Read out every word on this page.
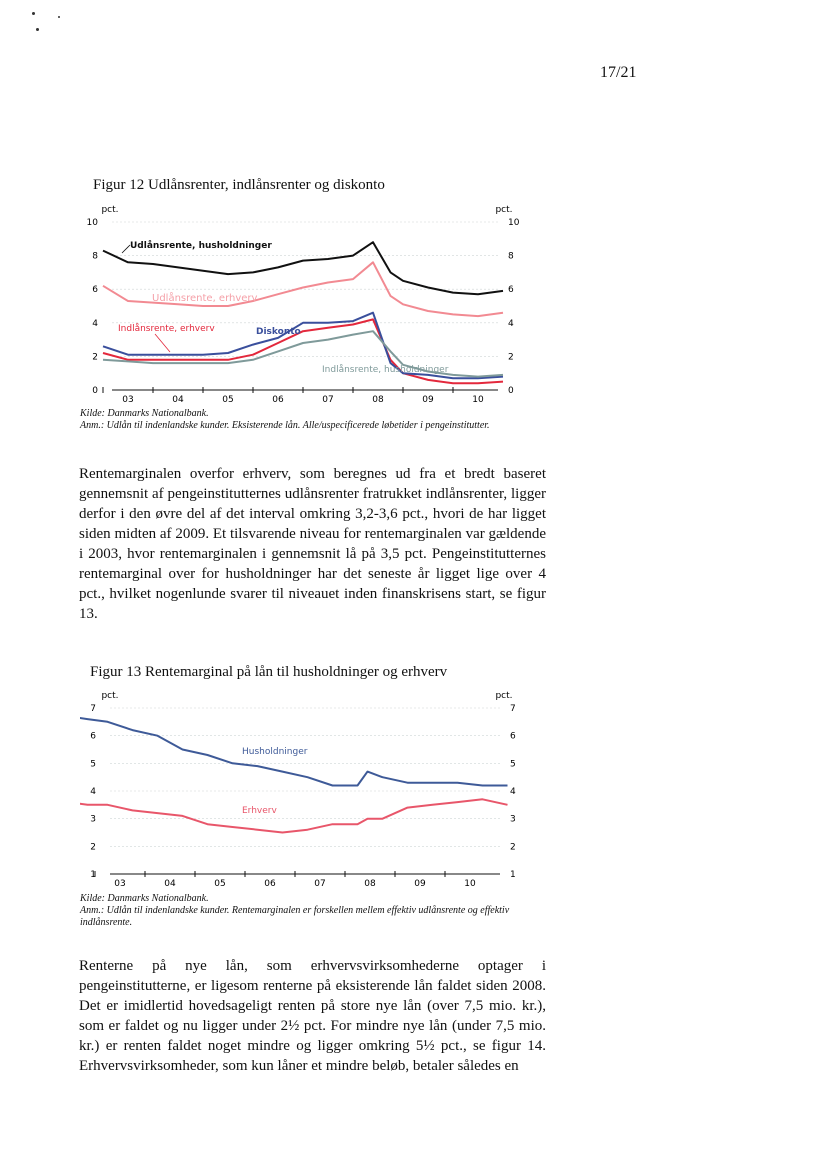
17/21
Figur 12 Udlånsrenter, indlånsrenter og diskonto
pct.	pct.
0	0
2	2
4	4
6	6
8	8
10	10
03	04	05	06	07	08	09	10
Udlånsrente, husholdninger
Udlånsrente, erhverv
Indlånsrente, erhverv	Diskonto
Indlånsrente, husholdninger
Kilde: Danmarks Nationalbank.
Anm.: Udlån til indenlandske kunder. Eksisterende lån. Alle/uspecificerede løbetider i pengeinstitutter.
Rentemarginalen overfor erhverv, som beregnes ud fra et bredt baseret gennemsnit af pengeinstitutternes udlånsrenter fratrukket indlånsrenter, ligger derfor i den øvre del af det interval omkring 3,2-3,6 pct., hvori de har ligget siden midten af 2009. Et tilsvarende niveau for rentemarginalen var gældende i 2003, hvor rentemarginalen i gennemsnit lå på 3,5 pct. Pengeinstitutternes rentemarginal over for husholdninger har det seneste år ligget lige over 4 pct., hvilket nogenlunde svarer til niveauet inden finanskrisens start, se figur 13.
Figur 13 Rentemarginal på lån til husholdninger og erhverv
pct.	pct.
1	1
2	2
3	3
4	4
5	5
6	6
7	7
03	04	05	06	07	08	09	10
Husholdninger
Erhverv
Kilde: Danmarks Nationalbank.
Anm.: Udlån til indenlandske kunder. Rentemarginalen er forskellen mellem effektiv udlånsrente og effektiv indlånsrente.
Renterne på nye lån, som erhvervsvirksomhederne optager i pengeinstitutterne, er ligesom renterne på eksisterende lån faldet siden 2008. Det er imidlertid hovedsageligt renten på store nye lån (over 7,5 mio. kr.), som er faldet og nu ligger under 2½ pct. For mindre nye lån (under 7,5 mio. kr.) er renten faldet noget mindre og ligger omkring 5½ pct., se figur 14. Erhvervsvirksomheder, som kun låner et mindre beløb, betaler således en
